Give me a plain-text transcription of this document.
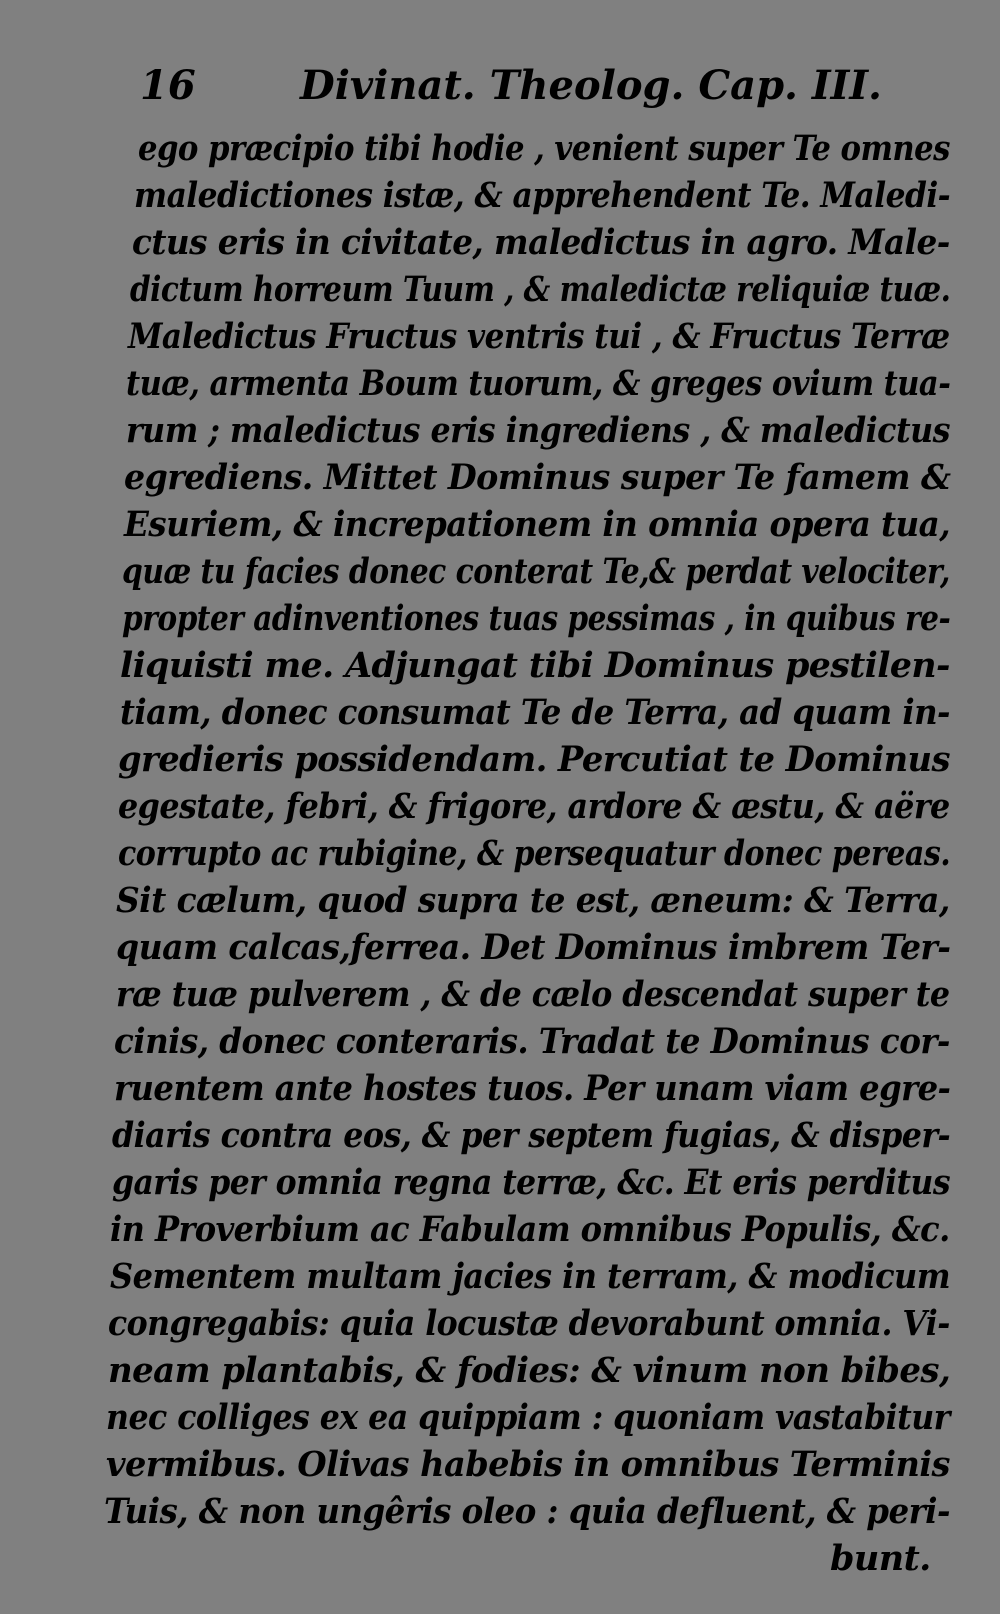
16	Divinat. Theolog. Cap. III.
ego præcipio tibi hodie , venient super Te omnes
maledictiones istæ, & apprehendent Te. Maledi-
ctus eris in civitate, maledictus in agro. Male-
dictum horreum Tuum , & maledictæ reliquiæ tuæ.
Maledictus Fructus ventris tui , & Fructus Terræ
tuæ, armenta Boum tuorum, & greges ovium tua-
rum ; maledictus eris ingrediens , & maledictus
egrediens. Mittet Dominus super Te famem &
Esuriem, & increpationem in omnia opera tua,
quæ tu facies donec conterat Te,& perdat velociter,
propter adinventiones tuas pessimas , in quibus re-
liquisti me. Adjungat tibi Dominus pestilen-
tiam, donec consumat Te de Terra, ad quam in-
gredieris possidendam. Percutiat te Dominus
egestate, febri, & frigore, ardore & æstu, & aëre
corrupto ac rubigine, & persequatur donec pereas.
Sit cælum, quod supra te est, æneum: & Terra,
quam calcas,ferrea. Det Dominus imbrem Ter-
ræ tuæ pulverem , & de cælo descendat super te
cinis, donec conteraris. Tradat te Dominus cor-
ruentem ante hostes tuos. Per unam viam egre-
diaris contra eos, & per septem fugias, & disper-
garis per omnia regna terræ, &c. Et eris perditus
in Proverbium ac Fabulam omnibus Populis, &c.
Sementem multam jacies in terram, & modicum
congregabis: quia locustæ devorabunt omnia. Vi-
neam plantabis, & fodies: & vinum non bibes,
nec colliges ex ea quippiam : quoniam vastabitur
vermibus. Olivas habebis in omnibus Terminis
Tuis, & non ungêris oleo : quia defluent, & peri-
bunt.
